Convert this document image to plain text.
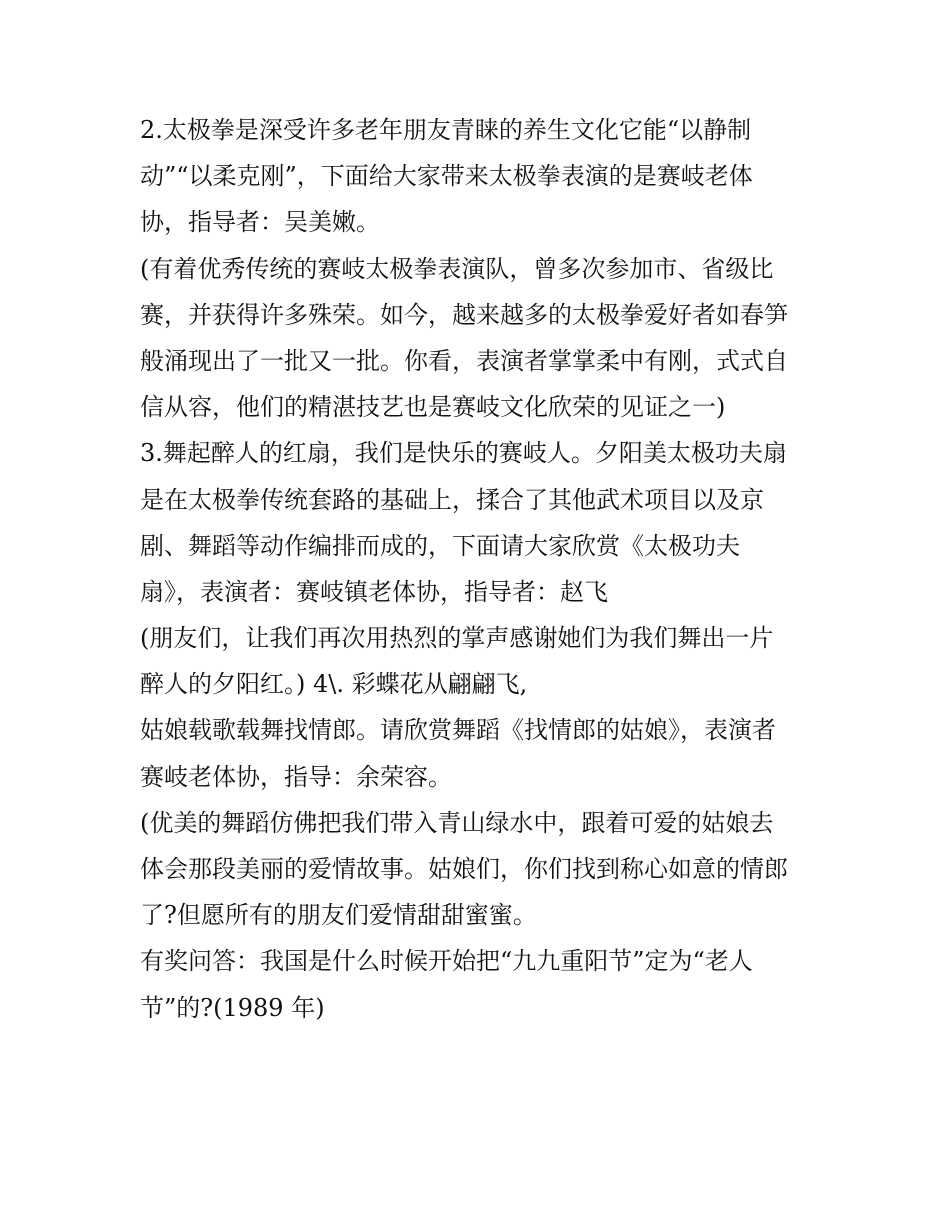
2.太极拳是深受许多老年朋友青睐的养生文化它能“以静制
动”“以柔克刚”，下面给大家带来太极拳表演的是赛岐老体
协，指导者：吴美嫩。
(有着优秀传统的赛岐太极拳表演队，曾多次参加市、省级比
赛，并获得许多殊荣。如今，越来越多的太极拳爱好者如春笋
般涌现出了一批又一批。你看，表演者掌掌柔中有刚，式式自
信从容，他们的精湛技艺也是赛岐文化欣荣的见证之一)
3.舞起醉人的红扇，我们是快乐的赛岐人。夕阳美太极功夫扇
是在太极拳传统套路的基础上，揉合了其他武术项目以及京
剧、舞蹈等动作编排而成的，下面请大家欣赏《太极功夫
扇》，表演者：赛岐镇老体协，指导者：赵飞
(朋友们，让我们再次用热烈的掌声感谢她们为我们舞出一片
醉人的夕阳红。) 4\. 彩蝶花从翩翩飞,
姑娘载歌载舞找情郎。请欣赏舞蹈《找情郎的姑娘》，表演者
赛岐老体协，指导：余荣容。
(优美的舞蹈仿佛把我们带入青山绿水中，跟着可爱的姑娘去
体会那段美丽的爱情故事。姑娘们，你们找到称心如意的情郎
了?但愿所有的朋友们爱情甜甜蜜蜜。
有奖问答：我国是什么时候开始把“九九重阳节”定为“老人
节”的?(1989 年)
